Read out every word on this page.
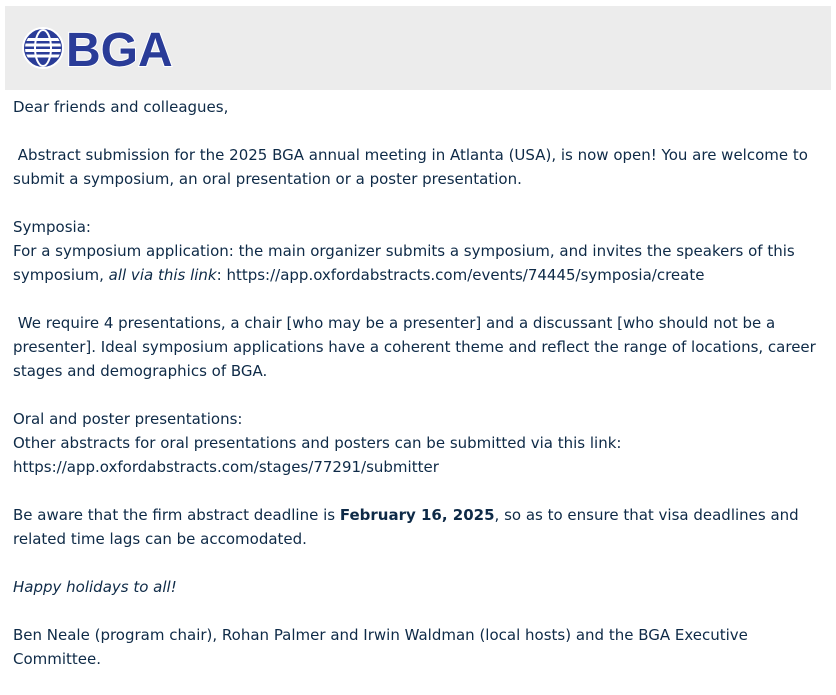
BGA

Dear friends and colleagues,

Abstract submission for the 2025 BGA annual meeting in Atlanta (USA), is now open! You are welcome to submit a symposium, an oral presentation or a poster presentation.

Symposia:
For a symposium application: the main organizer submits a symposium, and invites the speakers of this symposium, all via this link: https://app.oxfordabstracts.com/events/74445/symposia/create

We require 4 presentations, a chair [who may be a presenter] and a discussant [who should not be a presenter]. Ideal symposium applications have a coherent theme and reflect the range of locations, career stages and demographics of BGA.

Oral and poster presentations:
Other abstracts for oral presentations and posters can be submitted via this link:
https://app.oxfordabstracts.com/stages/77291/submitter

Be aware that the firm abstract deadline is February 16, 2025, so as to ensure that visa deadlines and related time lags can be accomodated.

Happy holidays to all!

Ben Neale (program chair), Rohan Palmer and Irwin Waldman (local hosts) and the BGA Executive Committee.
